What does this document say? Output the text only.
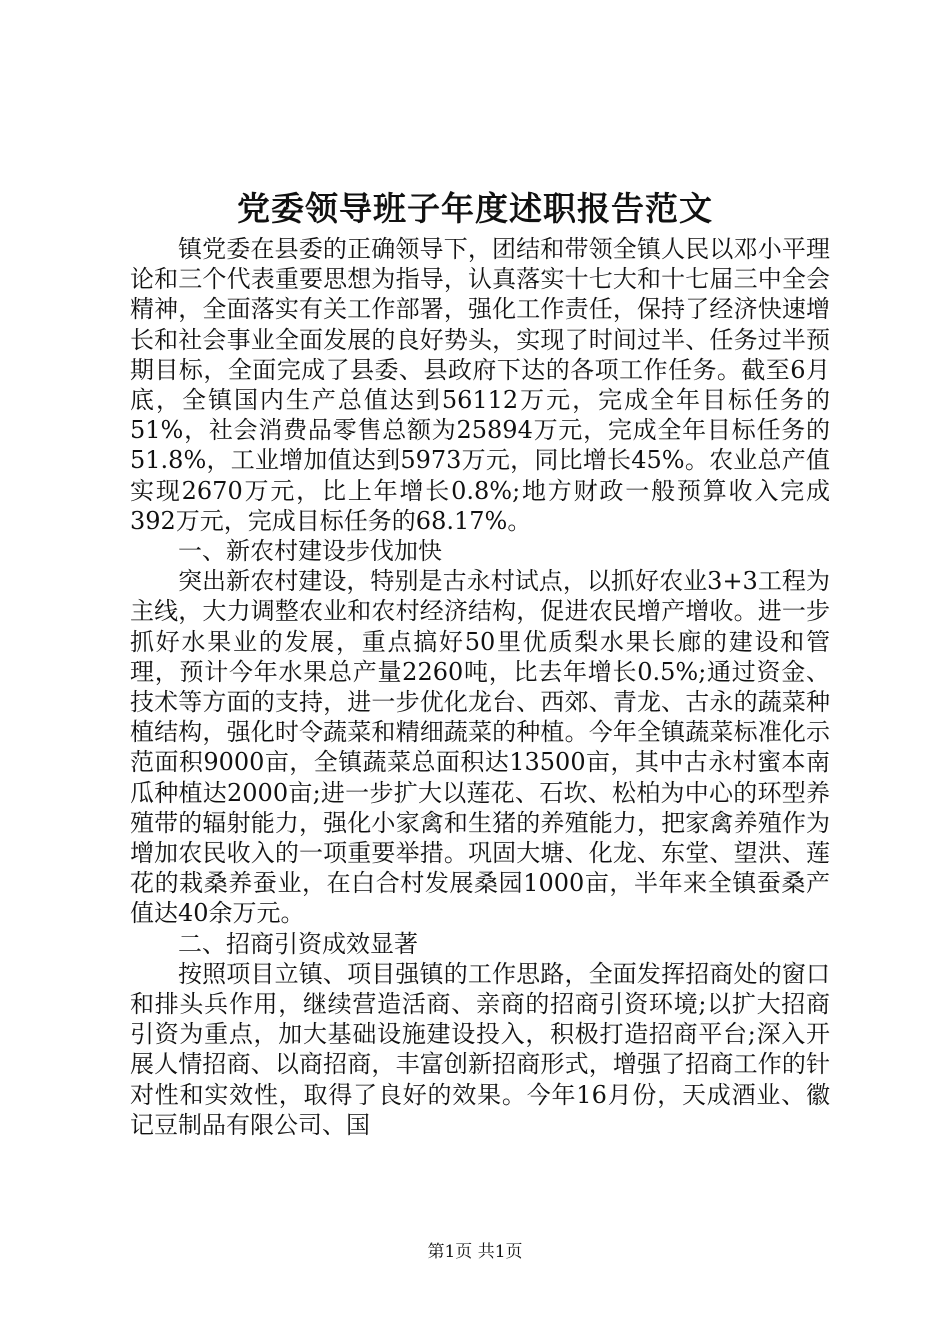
党委领导班子年度述职报告范文

镇党委在县委的正确领导下，团结和带领全镇人民以邓小平理论和三个代表重要思想为指导，认真落实十七大和十七届三中全会精神，全面落实有关工作部署，强化工作责任，保持了经济快速增长和社会事业全面发展的良好势头，实现了时间过半、任务过半预期目标，全面完成了县委、县政府下达的各项工作任务。截至6月底，全镇国内生产总值达到56112万元，完成全年目标任务的51%，社会消费品零售总额为25894万元，完成全年目标任务的51.8%，工业增加值达到5973万元，同比增长45%。农业总产值实现2670万元，比上年增长0.8%;地方财政一般预算收入完成392万元，完成目标任务的68.17%。

一、新农村建设步伐加快

突出新农村建设，特别是古永村试点，以抓好农业3+3工程为主线，大力调整农业和农村经济结构，促进农民增产增收。进一步抓好水果业的发展，重点搞好50里优质梨水果长廊的建设和管理，预计今年水果总产量2260吨，比去年增长0.5%;通过资金、技术等方面的支持，进一步优化龙台、西郊、青龙、古永的蔬菜种植结构，强化时令蔬菜和精细蔬菜的种植。今年全镇蔬菜标准化示范面积9000亩，全镇蔬菜总面积达13500亩，其中古永村蜜本南瓜种植达2000亩;进一步扩大以莲花、石坎、松柏为中心的环型养殖带的辐射能力，强化小家禽和生猪的养殖能力，把家禽养殖作为增加农民收入的一项重要举措。巩固大塘、化龙、东堂、望洪、莲花的栽桑养蚕业，在白合村发展桑园1000亩，半年来全镇蚕桑产值达40余万元。

二、招商引资成效显著

按照项目立镇、项目强镇的工作思路，全面发挥招商处的窗口和排头兵作用，继续营造活商、亲商的招商引资环境;以扩大招商引资为重点，加大基础设施建设投入，积极打造招商平台;深入开展人情招商、以商招商，丰富创新招商形式，增强了招商工作的针对性和实效性，取得了良好的效果。今年16月份，天成酒业、徽记豆制品有限公司、国

第1页 共1页
